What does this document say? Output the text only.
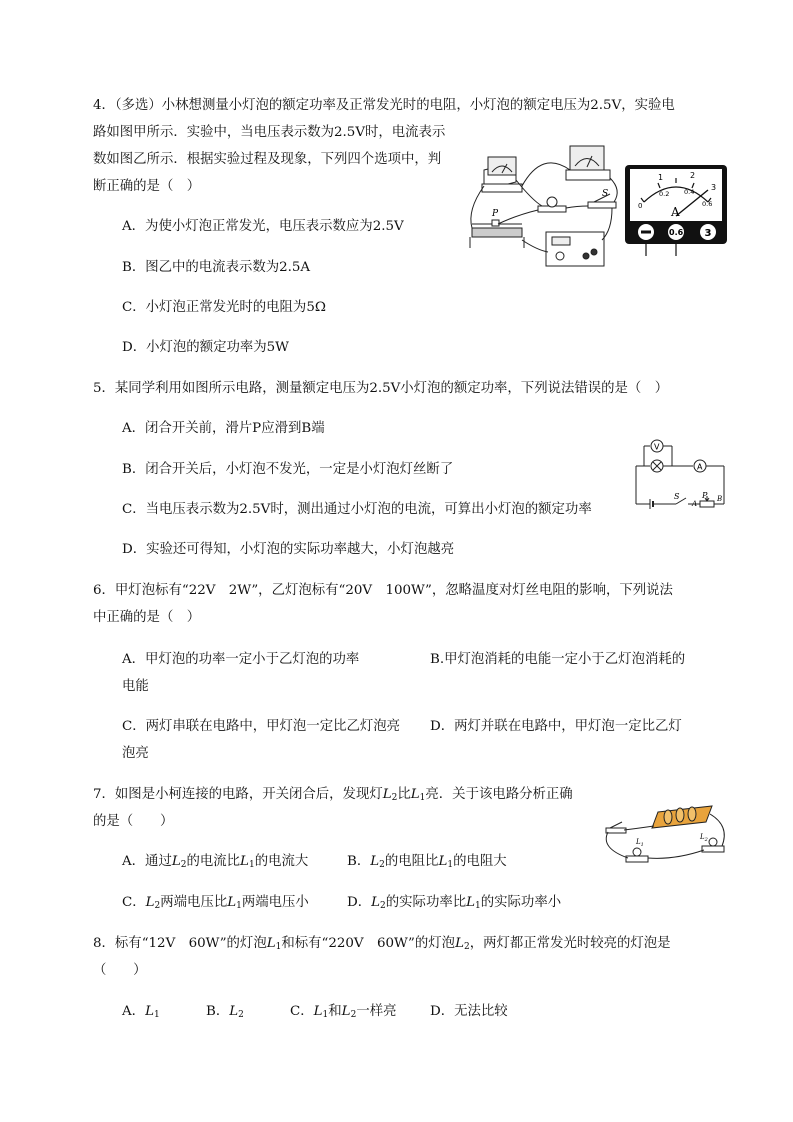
4．（多选）小林想测量小灯泡的额定功率及正常发光时的电阻，小灯泡的额定电压为2.5V，实验电
路如图甲所示．实验中，当电压表示数为2.5V时，电流表示
数如图乙所示．根据实验过程及现象，下列四个选项中，判
断正确的是（　）
A．为使小灯泡正常发光，电压表示数应为2.5V
B．图乙中的电流表示数为2.5A
C．小灯泡正常发光时的电阻为5Ω
D．小灯泡的额定功率为5W
P
S
1	2
3
0.2 0.4
0.6
0 A
0.6 3
5．某同学利用如图所示电路，测量额定电压为2.5V小灯泡的额定功率，下列说法错误的是（　）
A．闭合开关前，滑片P应滑到B端
B．闭合开关后，小灯泡不发光，一定是小灯泡灯丝断了
C．当电压表示数为2.5V时，测出通过小灯泡的电流，可算出小灯泡的额定功率
D．实验还可得知，小灯泡的实际功率越大，小灯泡越亮
V
A
S	P
A
B
6．甲灯泡标有“22V　2W”，乙灯泡标有“20V　100W”，忽略温度对灯丝电阻的影响，下列说法
中正确的是（　）
A．甲灯泡的功率一定小于乙灯泡的功率	B.甲灯泡消耗的电能一定小于乙灯泡消耗的
电能
C．两灯串联在电路中，甲灯泡一定比乙灯泡亮 D．两灯并联在电路中，甲灯泡一定比乙灯
泡亮
7．如图是小柯连接的电路，开关闭合后，发现灯$L_2$比$L_1$亮．关于该电路分析正确
的是（　　）
A．通过$L_2$的电流比$L_1$的电流大	B．$L_2$的电阻比$L_1$的电阻大
C．$L_2$两端电压比$L_1$两端电压小	D．$L_2$的实际功率比$L_1$的实际功率小
$L_1$
$L_2$
8．标有“12V　60W”的灯泡$L_1$和标有“220V　60W”的灯泡$L_2$，两灯都正常发光时较亮的灯泡是
（　　）
A．$L_1$	B．$L_2$	C．$L_1$和$L_2$一样亮	D．无法比较
